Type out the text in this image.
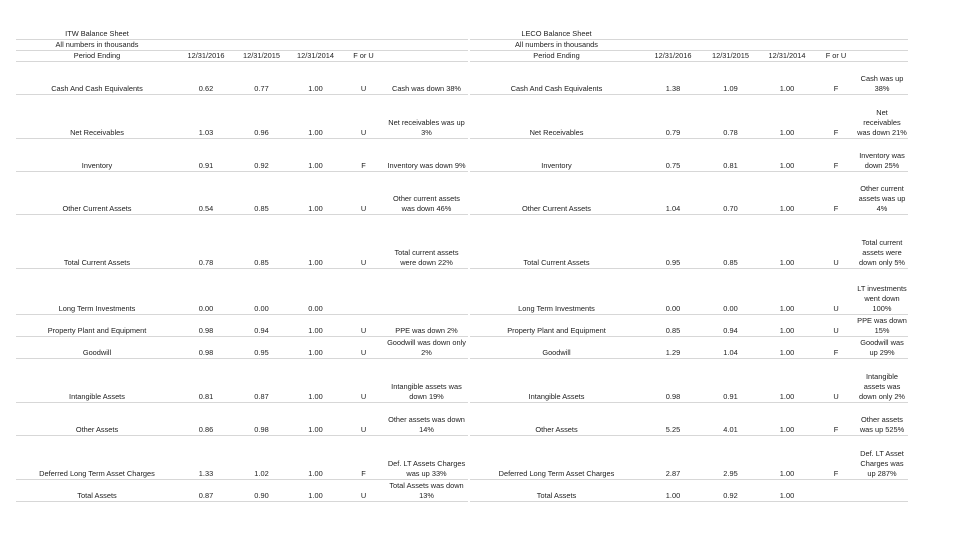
ITW Balance Sheet					
All numbers in thousands					
Period Ending	12/31/2016	12/31/2015	12/31/2014	F or U	
Cash And Cash Equivalents	0.62	0.77	1.00	U	Cash was down 38%
Net Receivables	1.03	0.96	1.00	U	Net receivables was up 3%
Inventory	0.91	0.92	1.00	F	Inventory was down 9%
Other Current Assets	0.54	0.85	1.00	U	Other current assets was down 46%
Total Current Assets	0.78	0.85	1.00	U	Total current assets were down 22%
Long Term Investments	0.00	0.00	0.00		
Property Plant and Equipment	0.98	0.94	1.00	U	PPE was down 2%
Goodwill	0.98	0.95	1.00	U	Goodwill was down only 2%
Intangible Assets	0.81	0.87	1.00	U	Intangible assets was down 19%
Other Assets	0.86	0.98	1.00	U	Other assets was down 14%
Deferred Long Term Asset Charges	1.33	1.02	1.00	F	Def. LT Assets Charges was up 33%
Total Assets	0.87	0.90	1.00	U	Total Assets was down 13%
LECO Balance Sheet					
All numbers in thousands					
Period Ending	12/31/2016	12/31/2015	12/31/2014	F or U	
Cash And Cash Equivalents	1.38	1.09	1.00	F	Cash was up 38%
Net Receivables	0.79	0.78	1.00	F	Net receivables was down 21%
Inventory	0.75	0.81	1.00	F	Inventory was down 25%
Other Current Assets	1.04	0.70	1.00	F	Other current assets was up 4%
Total Current Assets	0.95	0.85	1.00	U	Total current assets were down only 5%
Long Term Investments	0.00	0.00	1.00	U	LT investments went down 100%
Property Plant and Equipment	0.85	0.94	1.00	U	PPE was down 15%
Goodwill	1.29	1.04	1.00	F	Goodwill was up 29%
Intangible Assets	0.98	0.91	1.00	U	Intangible assets was down only 2%
Other Assets	5.25	4.01	1.00	F	Other assets was up 525%
Deferred Long Term Asset Charges	2.87	2.95	1.00	F	Def. LT Asset Charges was up 287%
Total Assets	1.00	0.92	1.00		
